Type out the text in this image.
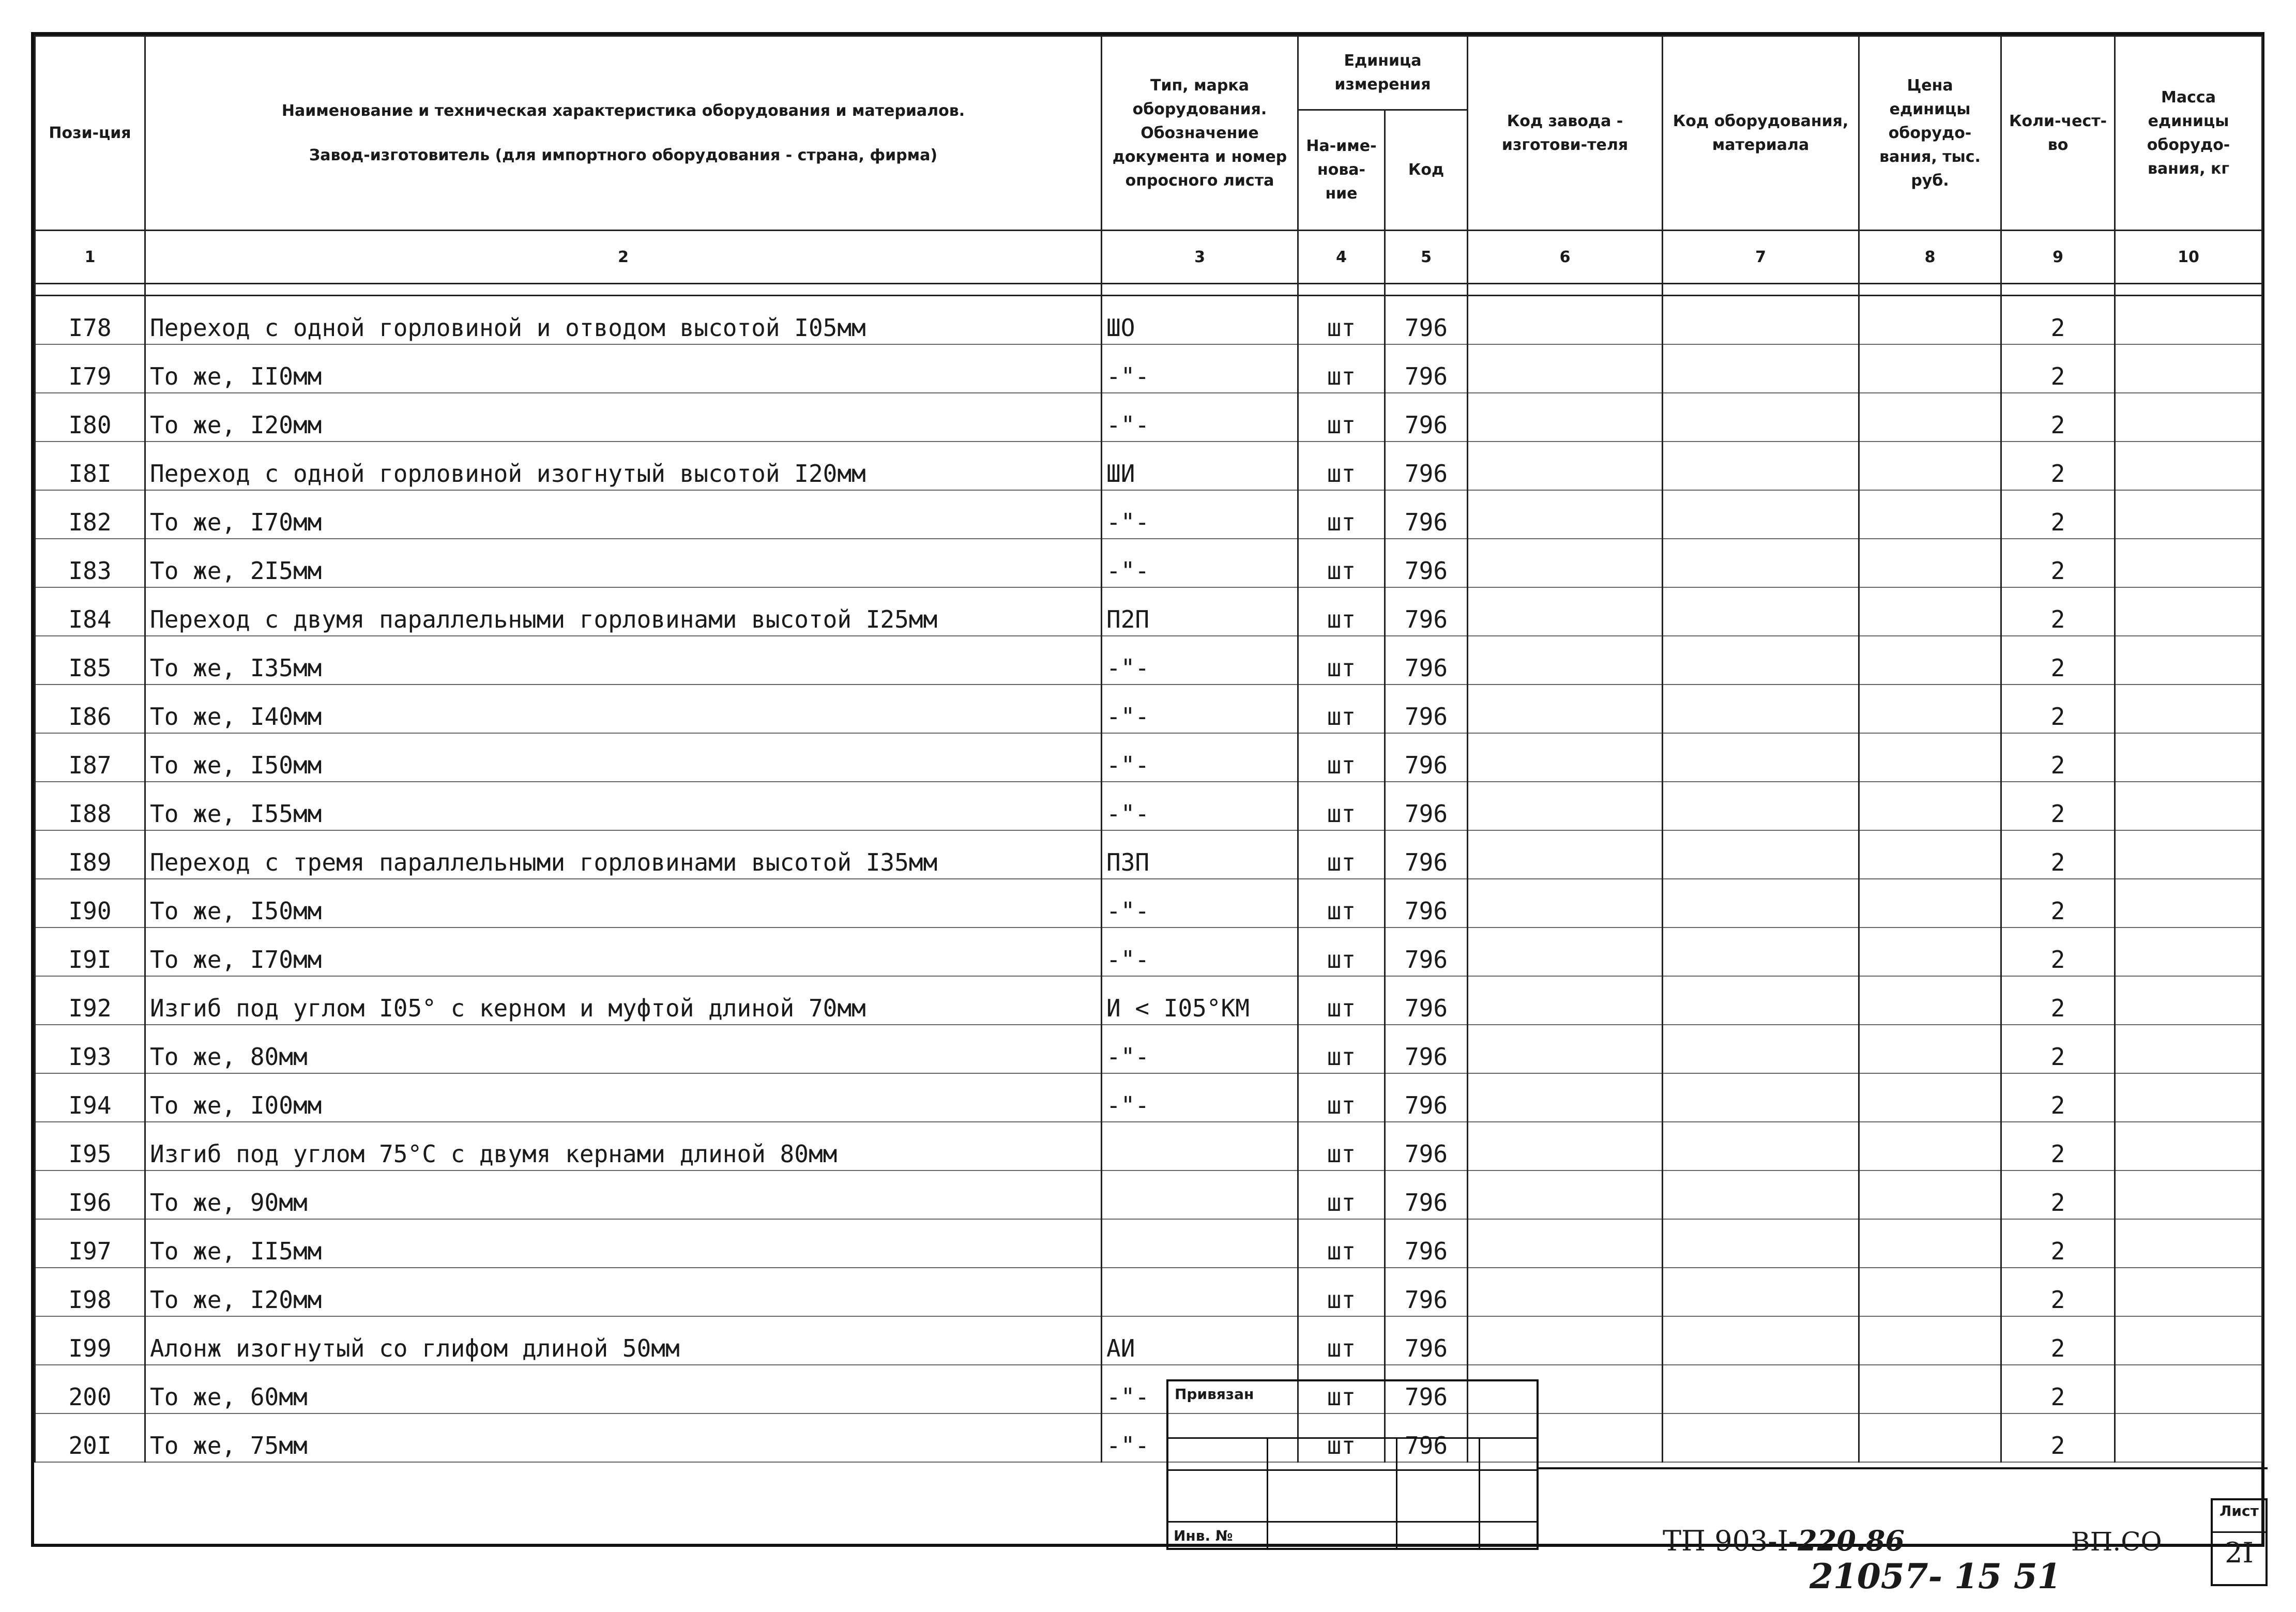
Пози-ция	Наименование и техническая характеристика оборудования и материалов.
Завод-изготовитель (для импортного оборудования - страна, фирма)	Тип, марка оборудования. Обозначение документа и номер опросного листа	Единица измерения		Код завода - изготови-теля	Код оборудования, материала	Цена единицы оборудо-вания, тыс. руб.	Коли-чест-во	Масса единицы оборудо-вания, кг
			На-име-нова-ние	Код					
1	2	3	4	5	6	7	8	9	10

I78	Переход с одной горловиной и отводом высотой I05мм	ШО	шт	796				2	
I79	То же, II0мм	-"-	шт	796				2	
I80	То же, I20мм	-"-	шт	796				2	
I8I	Переход с одной горловиной изогнутый высотой I20мм	ШИ	шт	796				2	
I82	То же, I70мм	-"-	шт	796				2	
I83	То же, 2I5мм	-"-	шт	796				2	
I84	Переход с двумя параллельными горловинами высотой I25мм	П2П	шт	796				2	
I85	То же, I35мм	-"-	шт	796				2	
I86	То же, I40мм	-"-	шт	796				2	
I87	То же, I50мм	-"-	шт	796				2	
I88	То же, I55мм	-"-	шт	796				2	
I89	Переход с тремя параллельными горловинами высотой I35мм	П3П	шт	796				2	
I90	То же, I50мм	-"-	шт	796				2	
I9I	То же, I70мм	-"-	шт	796				2	
I92	Изгиб под углом I05° с керном и муфтой длиной 70мм	И < I05°КМ	шт	796				2	
I93	То же, 80мм	-"-	шт	796				2	
I94	То же, I00мм	-"-	шт	796				2	
I95	Изгиб под углом 75°С с двумя кернами длиной 80мм		шт	796				2	
I96	То же, 90мм		шт	796				2	
I97	То же, II5мм		шт	796				2	
I98	То же, I20мм		шт	796				2	
I99	Алонж изогнутый со глифом длиной 50мм	АИ	шт	796				2	
200	То же, 60мм	-"-	шт	796				2	
20I	То же, 75мм	-"-	шт	796				2	
Привязан
Инв. №	ТП 903-I-220.86	ВП.СО
Лист
2I
21057- 15 51
